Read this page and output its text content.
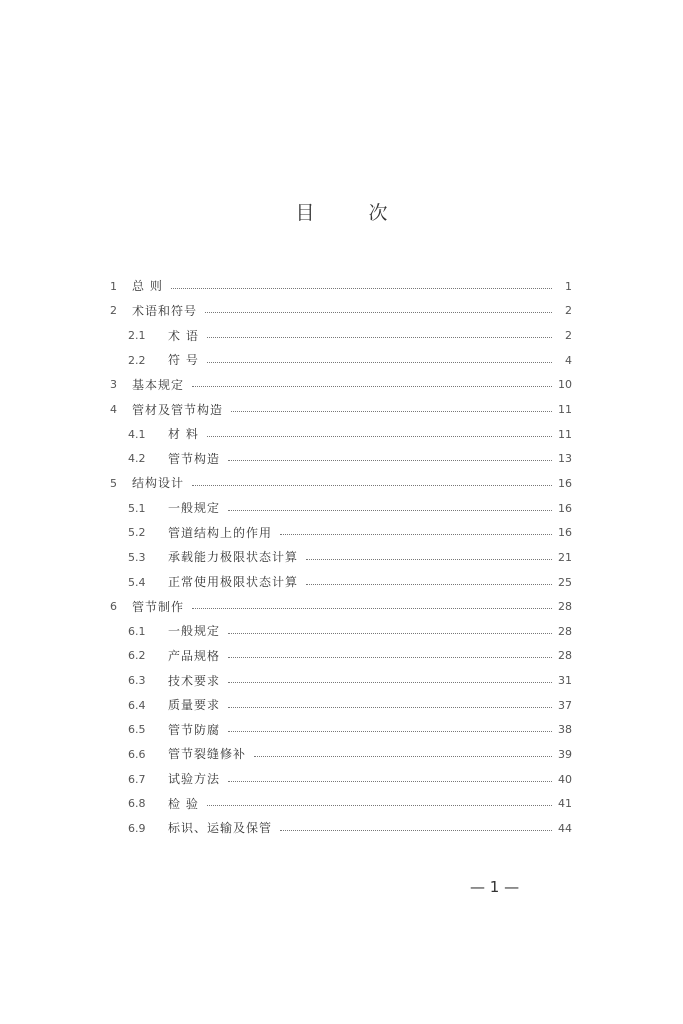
目 次
1	总 则	1
2	术语和符号	2
2.1	术 语	2
2.2	符 号	4
3	基本规定	10
4	管材及管节构造	11
4.1	材 料	11
4.2	管节构造	13
5	结构设计	16
5.1	一般规定	16
5.2	管道结构上的作用	16
5.3	承载能力极限状态计算	21
5.4	正常使用极限状态计算	25
6	管节制作	28
6.1	一般规定	28
6.2	产品规格	28
6.3	技术要求	31
6.4	质量要求	37
6.5	管节防腐	38
6.6	管节裂缝修补	39
6.7	试验方法	40
6.8	检 验	41
6.9	标识、运输及保管	44
— 1 —
